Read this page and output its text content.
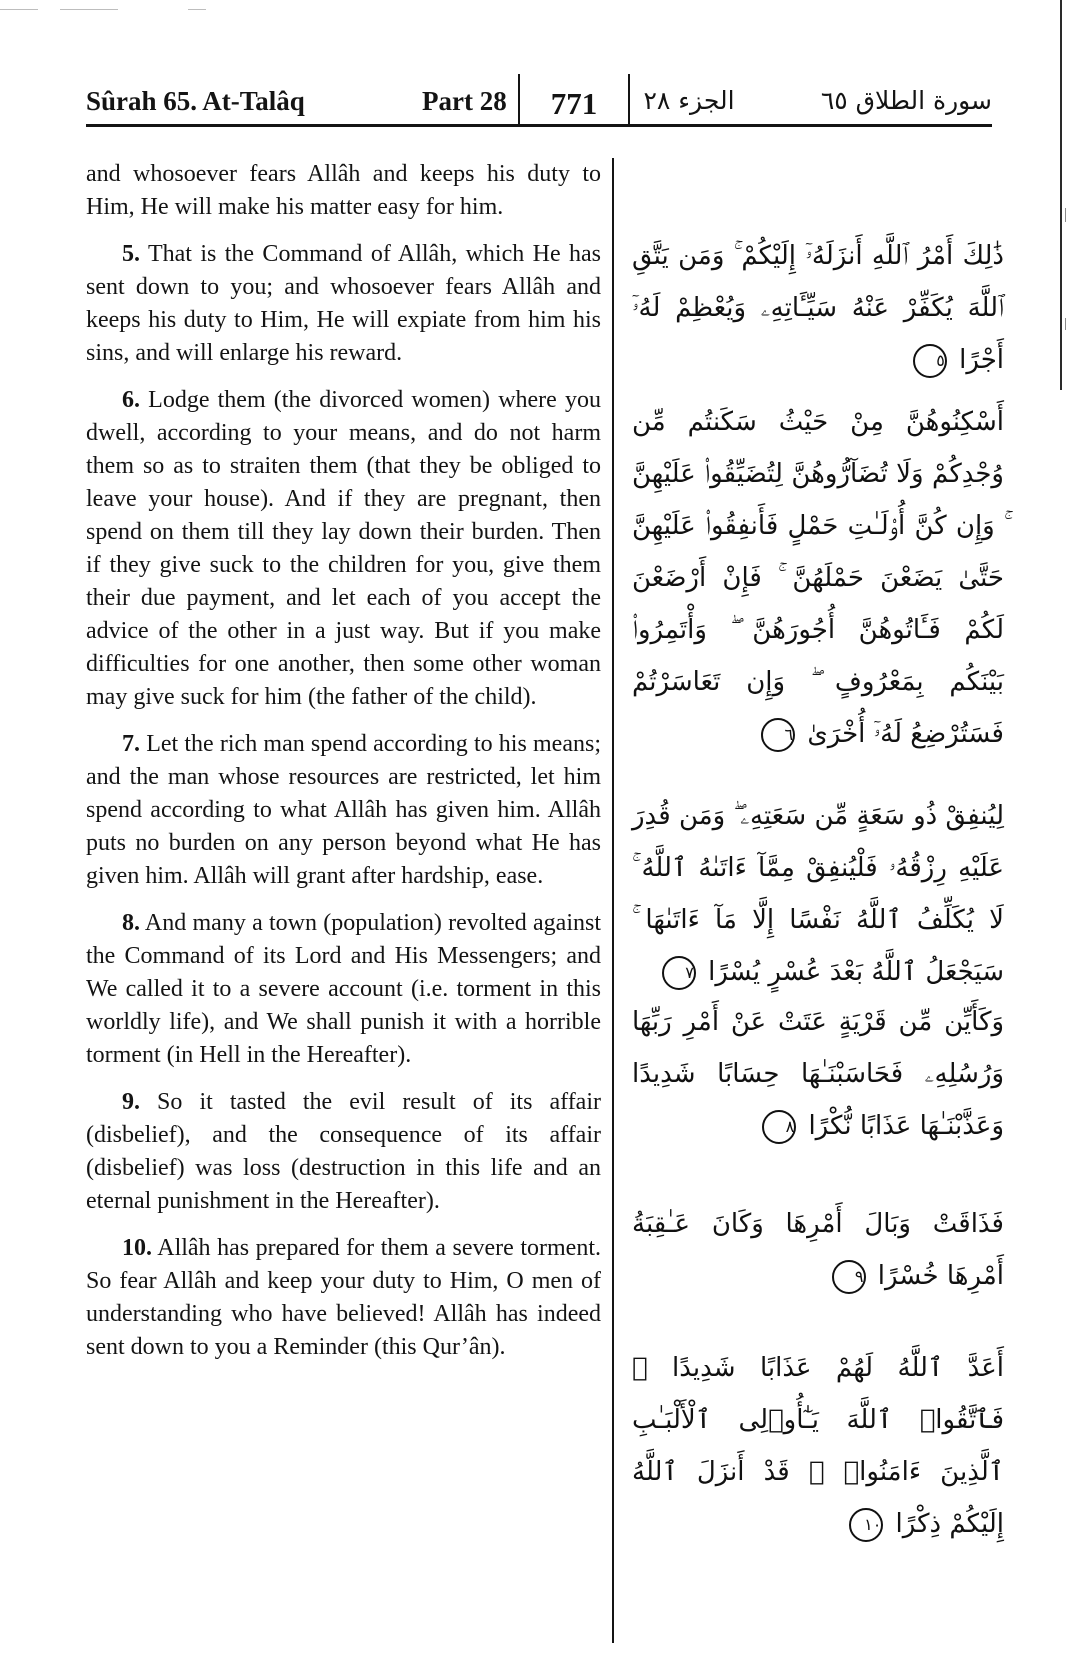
Sûrah 65. At-Talâq	Part 28	771	الجزء ٢٨	سورة الطلاق ٦٥

and whosoever fears Allâh and keeps his duty to Him, He will make his matter easy for him.

5. That is the Command of Allâh, which He has sent down to you; and whosoever fears Allâh and keeps his duty to Him, He will expiate from him his sins, and will enlarge his reward.

6. Lodge them (the divorced women) where you dwell, according to your means, and do not harm them so as to straiten them (that they be obliged to leave your house). And if they are pregnant, then spend on them till they lay down their burden. Then if they give suck to the children for you, give them their due payment, and let each of you accept the advice of the other in a just way. But if you make difficulties for one another, then some other woman may give suck for him (the father of the child).

7. Let the rich man spend according to his means; and the man whose resources are restricted, let him spend according to what Allâh has given him. Allâh puts no burden on any person beyond what He has given him. Allâh will grant after hardship, ease.

8. And many a town (population) revolted against the Command of its Lord and His Messengers; and We called it to a severe account (i.e. torment in this worldly life), and We shall punish it with a horrible torment (in Hell in the Hereafter).

9. So it tasted the evil result of its affair (disbelief), and the consequence of its affair (disbelief) was loss (destruction in this life and an eternal punishment in the Hereafter).

10. Allâh has prepared for them a severe torment. So fear Allâh and keep your duty to Him, O men of understanding who have believed! Allâh has indeed sent down to you a Reminder (this Qur’ân).

ذَٰلِكَ أَمْرُ ٱللَّهِ أَنزَلَهُۥٓ إِلَيْكُمْ ۚ وَمَن يَتَّقِ ٱللَّهَ يُكَفِّرْ عَنْهُ سَيِّـَٔاتِهِۦ وَيُعْظِمْ لَهُۥٓ أَجْرًا ٥
أَسْكِنُوهُنَّ مِنْ حَيْثُ سَكَنتُم مِّن وُجْدِكُمْ وَلَا تُضَآرُّوهُنَّ لِتُضَيِّقُوا۟ عَلَيْهِنَّ ۚ وَإِن كُنَّ أُو۟لَـٰتِ حَمْلٍ فَأَنفِقُوا۟ عَلَيْهِنَّ حَتَّىٰ يَضَعْنَ حَمْلَهُنَّ ۚ فَإِنْ أَرْضَعْنَ لَكُمْ فَـَٔاتُوهُنَّ أُجُورَهُنَّ ۖ وَأْتَمِرُوا۟ بَيْنَكُم بِمَعْرُوفٍ ۖ وَإِن تَعَاسَرْتُمْ فَسَتُرْضِعُ لَهُۥٓ أُخْرَىٰ ٦
لِيُنفِقْ ذُو سَعَةٍ مِّن سَعَتِهِۦ ۖ وَمَن قُدِرَ عَلَيْهِ رِزْقُهُۥ فَلْيُنفِقْ مِمَّآ ءَاتَىٰهُ ٱللَّهُ ۚ لَا يُكَلِّفُ ٱللَّهُ نَفْسًا إِلَّا مَآ ءَاتَىٰهَا ۚ سَيَجْعَلُ ٱللَّهُ بَعْدَ عُسْرٍ يُسْرًا ٧
وَكَأَيِّن مِّن قَرْيَةٍ عَتَتْ عَنْ أَمْرِ رَبِّهَا وَرُسُلِهِۦ فَحَاسَبْنَـٰهَا حِسَابًا شَدِيدًا وَعَذَّبْنَـٰهَا عَذَابًا نُّكْرًا ٨
فَذَاقَتْ وَبَالَ أَمْرِهَا وَكَانَ عَـٰقِبَةُ أَمْرِهَا خُسْرًا ٩
أَعَدَّ ٱللَّهُ لَهُمْ عَذَابًا شَدِيدًا ۖ فَٱتَّقُوا۟ ٱللَّهَ يَـٰٓأُو۟لِى ٱلْأَلْبَـٰبِ ٱلَّذِينَ ءَامَنُوا۟ ۚ قَدْ أَنزَلَ ٱللَّهُ إِلَيْكُمْ ذِكْرًا ١٠
